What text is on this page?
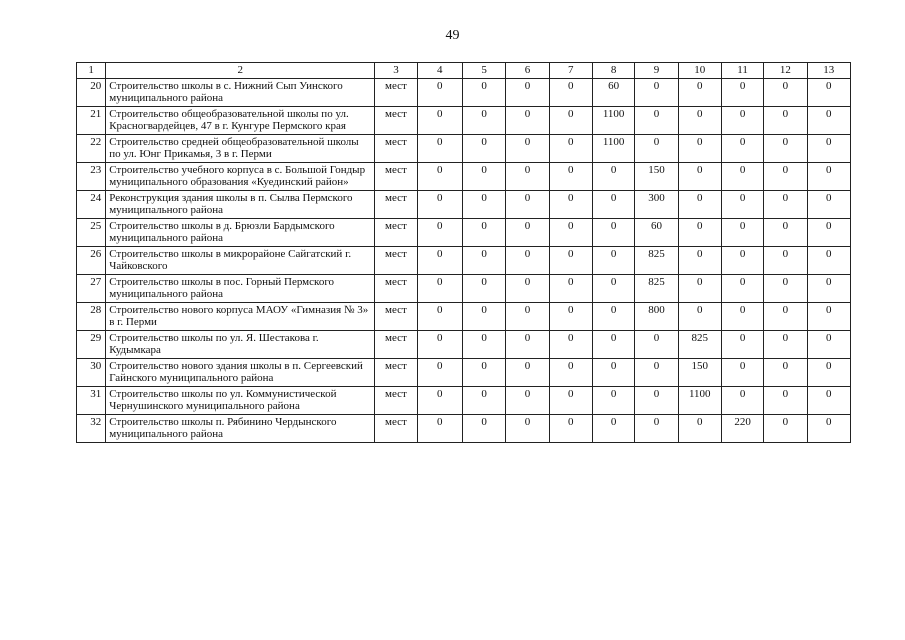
49
1	2	3	4	5	6	7	8	9	10	11	12	13
20	Строительство школы в с. Нижний Сып Уинского муниципального района	мест	0	0	0	0	60	0	0	0	0	0
21	Строительство общеобразовательной школы по ул. Красногвардейцев, 47 в г. Кунгуре Пермского края	мест	0	0	0	0	1100	0	0	0	0	0
22	Строительство средней общеобразовательной школы по ул. Юнг Прикамья, 3 в г. Перми	мест	0	0	0	0	1100	0	0	0	0	0
23	Строительство учебного корпуса в с. Большой Гондыр муниципального образования «Куединский район»	мест	0	0	0	0	0	150	0	0	0	0
24	Реконструкция здания школы в п. Сылва Пермского муниципального района	мест	0	0	0	0	0	300	0	0	0	0
25	Строительство школы в д. Брюзли Бардымского муниципального района	мест	0	0	0	0	0	60	0	0	0	0
26	Строительство школы в микрорайоне Сайгатский г. Чайковского	мест	0	0	0	0	0	825	0	0	0	0
27	Строительство школы в пос. Горный Пермского муниципального района	мест	0	0	0	0	0	825	0	0	0	0
28	Строительство нового корпуса МАОУ «Гимназия № 3» в г. Перми	мест	0	0	0	0	0	800	0	0	0	0
29	Строительство школы по ул. Я. Шестакова г. Кудымкара	мест	0	0	0	0	0	0	825	0	0	0
30	Строительство нового здания школы в п. Сергеевский Гайнского муниципального района	мест	0	0	0	0	0	0	150	0	0	0
31	Строительство школы по ул. Коммунистической Чернушинского муниципального района	мест	0	0	0	0	0	0	1100	0	0	0
32	Строительство школы п. Рябинино Чердынского муниципального района	мест	0	0	0	0	0	0	0	220	0	0
